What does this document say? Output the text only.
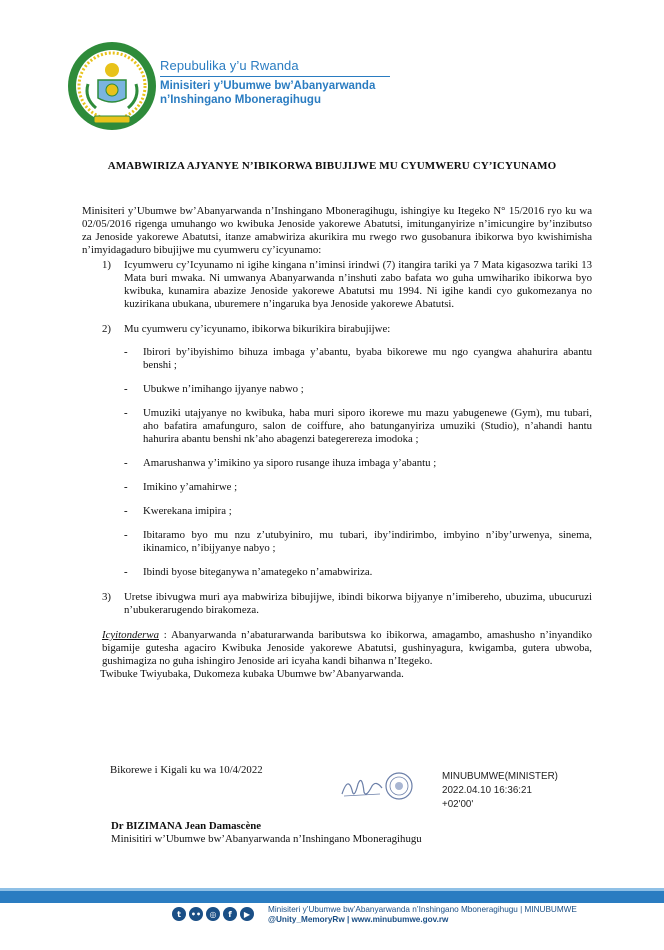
Repubulika y’u Rwanda
Minisiteri y’Ubumwe bw’Abanyarwanda
n’Inshingano Mboneragihugu
AMABWIRIZA AJYANYE N’IBIKORWA BIBUJIJWE MU CYUMWERU CY’ICYUNAMO

Minisiteri y’Ubumwe bw’Abanyarwanda n’Inshingano Mboneragihugu, ishingiye ku Itegeko N° 15/2016 ryo ku wa 02/05/2016 rigenga umuhango wo kwibuka Jenoside yakorewe Abatutsi, imitunganyirize n’imicungire by’inzibutso za Jenoside yakorewe Abatutsi, itanze amabwiriza akurikira mu rwego rwo gusobanura ibikorwa byo kwishimisha n’imyidagaduro bibujijwe mu cyumweru cy’icyunamo:

1) Icyumweru cy’Icyunamo ni igihe kingana n’iminsi irindwi (7) itangira tariki ya 7 Mata kigasozwa tariki 13 Mata buri mwaka. Ni umwanya Abanyarwanda n’inshuti zabo bafata wo guha umwihariko ibikorwa byo kwibuka, kunamira abazize Jenoside yakorewe Abatutsi mu 1994. Ni igihe kandi cyo gukomezanya no kuzirikana ubukana, uburemere n’ingaruka bya Jenoside yakorewe Abatutsi.
2) Mu cyumweru cy’icyunamo, ibikorwa bikurikira birabujijwe:
- Ibirori by’ibyishimo bihuza imbaga y’abantu, byaba bikorewe mu ngo cyangwa ahahurira abantu benshi ;
- Ubukwe n’imihango ijyanye nabwo ;
- Umuziki utajyanye no kwibuka, haba muri siporo ikorewe mu mazu yabugenewe (Gym), mu tubari, aho bafatira amafunguro, salon de coiffure, aho batunganyiriza umuziki (Studio), n’ahandi hantu hahurira abantu benshi nk’aho abagenzi bategerereza imodoka ;
- Amarushanwa y’imikino ya siporo rusange ihuza imbaga y’abantu ;
- Imikino y’amahirwe ;
- Kwerekana imipira ;
- Ibitaramo byo mu nzu z’utubyiniro, mu tubari, iby’indirimbo, imbyino n’iby’urwenya, sinema, ikinamico, n’ibijyanye nabyo ;
- Ibindi byose biteganywa n’amategeko n’amabwiriza.
3) Uretse ibivugwa muri aya mabwiriza bibujijwe, ibindi bikorwa bijyanye n’imibereho, ubuzima, ubucuruzi n’ubukerarugendo birakomeza.

Icyitonderwa : Abanyarwanda n’abaturarwanda baributswa ko ibikorwa, amagambo, amashusho n’inyandiko bigamije gutesha agaciro Kwibuka Jenoside yakorewe Abatutsi, gushinyagura, kwigamba, gutera ubwoba, gushimagiza no guha ishingiro Jenoside ari icyaha kandi bihanwa n’Itegeko.

Twibuke Twiyubaka, Dukomeza kubaka Ubumwe bw’Abanyarwanda.

Bikorewe i Kigali ku wa 10/4/2022
MINUBUMWE(MINISTER)
2022.04.10 16:36:21
+02'00'
Dr BIZIMANA Jean Damascène
Minisitiri w’Ubumwe bw’Abanyarwanda n’Inshingano Mboneragihugu
t	••	◎	f	▶	Minisiteri y’Ubumwe bw’Abanyarwanda n’Inshingano Mboneragihugu | MINUBUMWE
@Unity_MemoryRw | www.minubumwe.gov.rw
